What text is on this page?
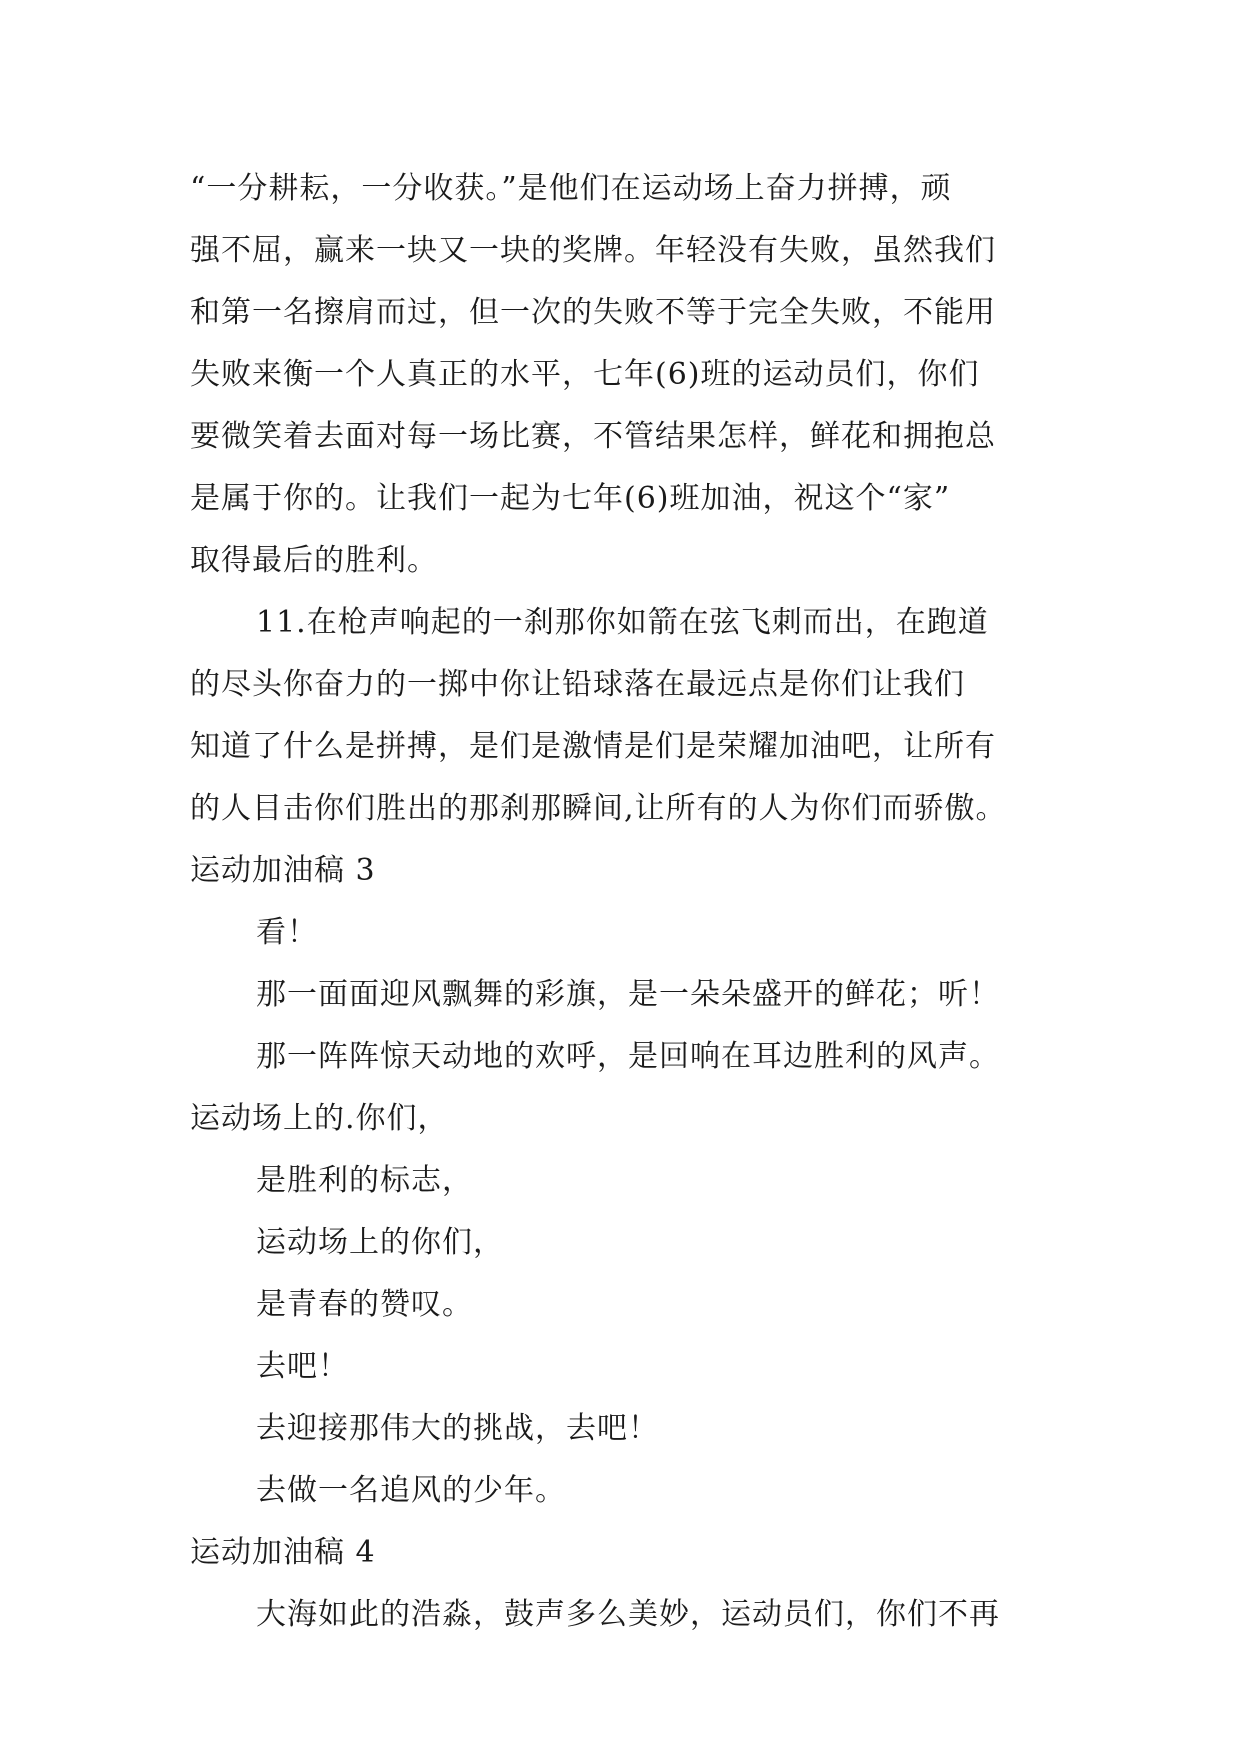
“一分耕耘，一分收获。”是他们在运动场上奋力拼搏，顽
强不屈，赢来一块又一块的奖牌。年轻没有失败，虽然我们
和第一名擦肩而过，但一次的失败不等于完全失败，不能用
失败来衡一个人真正的水平，七年(6)班的运动员们，你们
要微笑着去面对每一场比赛，不管结果怎样，鲜花和拥抱总
是属于你的。让我们一起为七年(6)班加油，祝这个“家”
取得最后的胜利。
11.在枪声响起的一刹那你如箭在弦飞刺而出，在跑道
的尽头你奋力的一掷中你让铅球落在最远点是你们让我们
知道了什么是拼搏，是们是激情是们是荣耀加油吧，让所有
的人目击你们胜出的那刹那瞬间,让所有的人为你们而骄傲。
运动加油稿 3
看！
那一面面迎风飘舞的彩旗，是一朵朵盛开的鲜花；听！
那一阵阵惊天动地的欢呼，是回响在耳边胜利的风声。
运动场上的.你们，
是胜利的标志，
运动场上的你们，
是青春的赞叹。
去吧！
去迎接那伟大的挑战，去吧！
去做一名追风的少年。
运动加油稿 4
大海如此的浩淼，鼓声多么美妙，运动员们，你们不再
